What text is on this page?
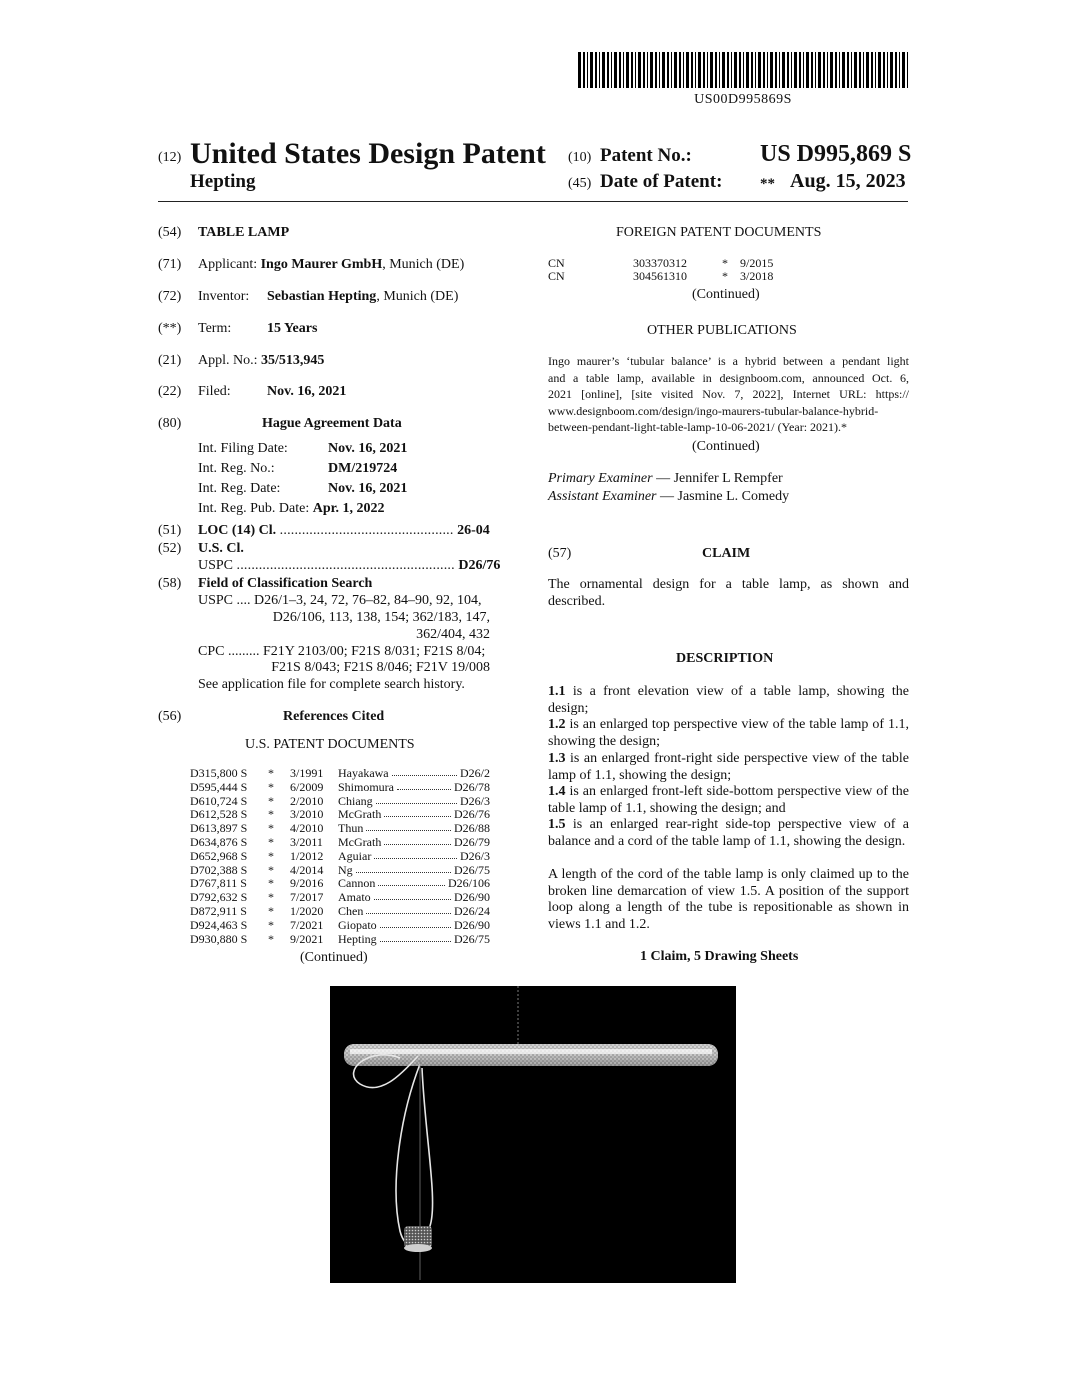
US00D995869S
(12) United States Design Patent (10) Patent No.:	US D995,869 S
Hepting	(45) Date of Patent:	** Aug. 15, 2023
(54) TABLE LAMP
(71) Applicant: Ingo Maurer GmbH, Munich (DE)
(72) Inventor: Sebastian Hepting, Munich (DE)
(**) Term:	15 Years
(21) Appl. No.: 35/513,945
(22) Filed:	Nov. 16, 2021
(80)	Hague Agreement Data
Int. Filing Date:	Nov. 16, 2021
Int. Reg. No.:	DM/219724
Int. Reg. Date:	Nov. 16, 2021
Int. Reg. Pub. Date: Apr. 1, 2022
(51) LOC (14) Cl. ............................................... 26-04
(52) U.S. Cl.
USPC ........................................................... D26/76
(58) Field of Classification Search
USPC .... D26/1–3, 24, 72, 76–82, 84–90, 92, 104,
D26/106, 113, 138, 154; 362/183, 147,
362/404, 432
CPC ......... F21Y 2103/00; F21S 8/031; F21S 8/04;
F21S 8/043; F21S 8/046; F21V 19/008
See application file for complete search history.
(56)	References Cited
U.S. PATENT DOCUMENTS
D315,800 S * 3/1991 Hayakawa	D26/2
D595,444 S * 6/2009 Shimomura	D26/78
D610,724 S * 2/2010 Chiang	D26/3
D612,528 S * 3/2010 McGrath	D26/76
D613,897 S * 4/2010 Thun	D26/88
D634,876 S * 3/2011 McGrath	D26/79
D652,968 S * 1/2012 Aguiar	D26/3
D702,388 S * 4/2014 Ng	D26/75
D767,811 S * 9/2016 Cannon	D26/106
D792,632 S * 7/2017 Amato	D26/90
D872,911 S * 1/2020 Chen	D26/24
D924,463 S * 7/2021 Giopato	D26/90
D930,880 S * 9/2021 Hepting	D26/75
(Continued)
FOREIGN PATENT DOCUMENTS
CN	303370312	* 9/2015
CN	304561310	* 3/2018
(Continued)
OTHER PUBLICATIONS
Ingo maurer’s ‘tubular balance’ is a hybrid between a pendant light
and a table lamp, available in designboom.com, announced Oct. 6,
2021 [online], [site visited Nov. 7, 2022], Internet URL: https://
www.designboom.com/design/ingo-maurers-tubular-balance-hybrid-
between-pendant-light-table-lamp-10-06-2021/ (Year: 2021).*
(Continued)
Primary Examiner — Jennifer L Rempfer
Assistant Examiner — Jasmine L. Comedy
(57)	CLAIM
The ornamental design for a table lamp, as shown and described.
DESCRIPTION
1.1 is a front elevation view of a table lamp, showing the design;
1.2 is an enlarged top perspective view of the table lamp of 1.1, showing the design;
1.3 is an enlarged front-right side perspective view of the table lamp of 1.1, showing the design;
1.4 is an enlarged front-left side-bottom perspective view of the table lamp of 1.1, showing the design; and
1.5 is an enlarged rear-right side-top perspective view of a balance and a cord of the table lamp of 1.1, showing the design.
A length of the cord of the table lamp is only claimed up to the broken line demarcation of view 1.5. A position of the support loop along a length of the tube is repositionable as shown in views 1.1 and 1.2.
1 Claim, 5 Drawing Sheets
